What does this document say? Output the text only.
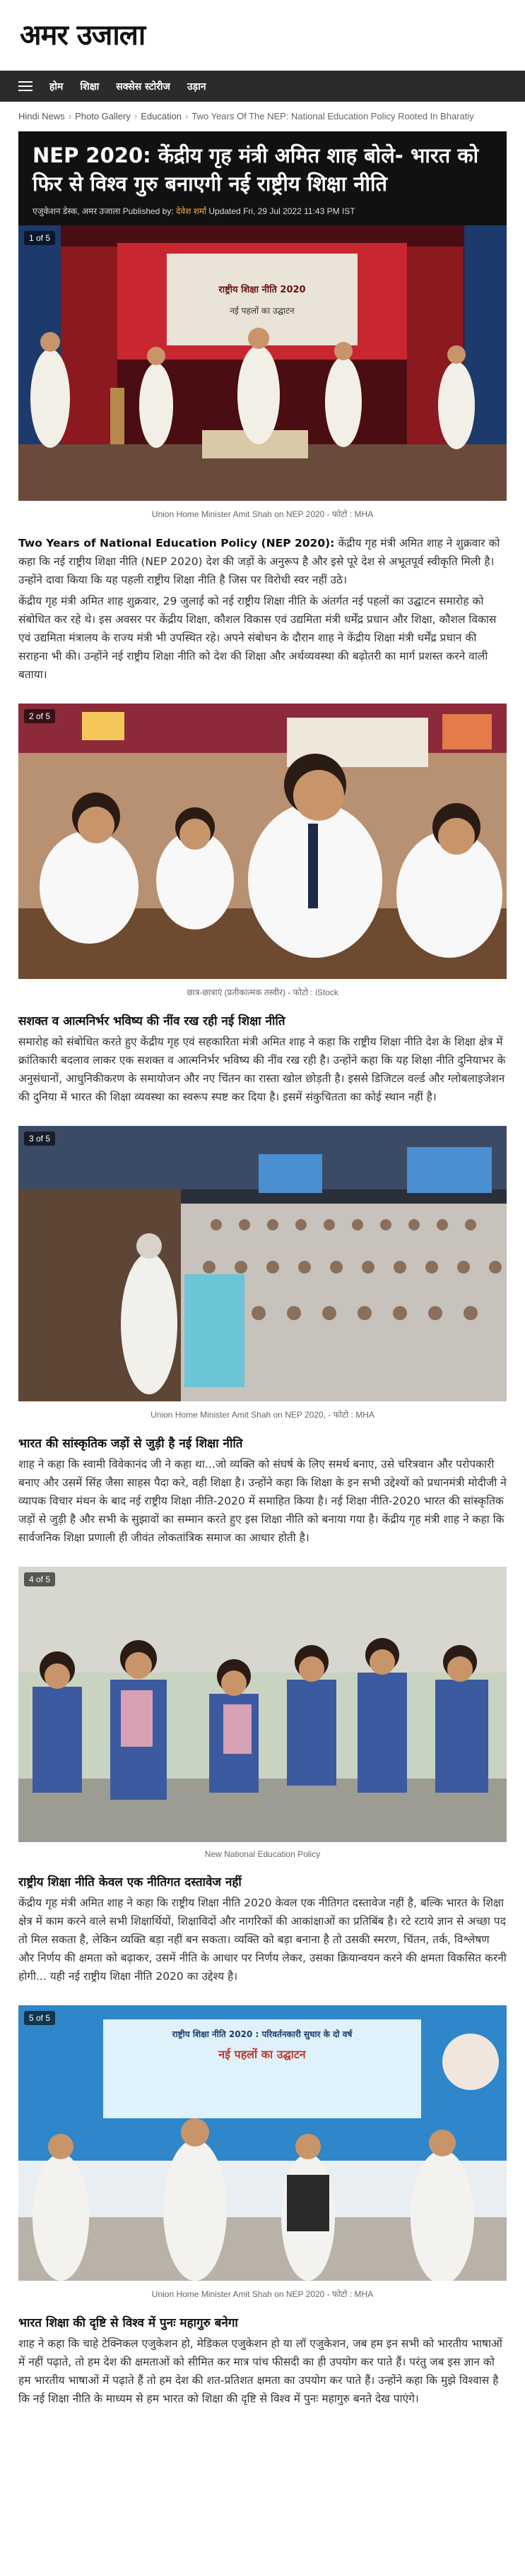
अमर उजाला
होम शिक्षा सक्सेस स्टोरीज उड़ान
Hindi News › Photo Gallery › Education › Two Years Of The NEP: National Education Policy Rooted In Bharatiy
NEP 2020: केंद्रीय गृह मंत्री अमित शाह बोले- भारत को फिर से विश्व गुरु बनाएगी नई राष्ट्रीय शिक्षा नीति
एजुकेशन डेस्क, अमर उजाला Published by: देवेश शर्मा Updated Fri, 29 Jul 2022 11:43 PM IST
राष्ट्रीय शिक्षा नीति 2020
नई पहलों का उद्घाटन
1 of 5
Union Home Minister Amit Shah on NEP 2020 - फोटो : MHA

Two Years of National Education Policy (NEP 2020): केंद्रीय गृह मंत्री अमित शाह ने शुक्रवार को कहा कि नई राष्ट्रीय शिक्षा नीति (NEP 2020) देश की जड़ों के अनुरूप है और इसे पूरे देश से अभूतपूर्व स्वीकृति मिली है। उन्होंने दावा किया कि यह पहली राष्ट्रीय शिक्षा नीति है जिस पर विरोधी स्वर नहीं उठे।

केंद्रीय गृह मंत्री अमित शाह शुक्रवार, 29 जुलाई को नई राष्ट्रीय शिक्षा नीति के अंतर्गत नई पहलों का उद्घाटन समारोह को संबोधित कर रहे थे। इस अवसर पर केंद्रीय शिक्षा, कौशल विकास एवं उद्यमिता मंत्री धर्मेंद्र प्रधान और शिक्षा, कौशल विकास एवं उद्यमिता मंत्रालय के राज्य मंत्री भी उपस्थित रहे। अपने संबोधन के दौरान शाह ने केंद्रीय शिक्षा मंत्री धर्मेंद्र प्रधान की सराहना भी की। उन्होंने नई राष्ट्रीय शिक्षा नीति को देश की शिक्षा और अर्थव्यवस्था की बढ़ोतरी का मार्ग प्रशस्त करने वाली बताया।

2 of 5
छात्र-छात्राएं (प्रतीकात्मक तस्वीर) - फोटो : iStock
सशक्त व आत्मनिर्भर भविष्य की नींव रख रही नई शिक्षा नीति

समारोह को संबोधित करते हुए केंद्रीय गृह एवं सहकारिता मंत्री अमित शाह ने कहा कि राष्ट्रीय शिक्षा नीति देश के शिक्षा क्षेत्र में क्रांतिकारी बदलाव लाकर एक सशक्त व आत्मनिर्भर भविष्य की नींव रख रही है। उन्होंने कहा कि यह शिक्षा नीति दुनियाभर के अनुसंधानों, आधुनिकीकरण के समायोजन और नए चिंतन का रास्ता खोल छोड़ती है। इससे डिजिटल वर्ल्ड और ग्लोबलाइजेशन की दुनिया में भारत की शिक्षा व्यवस्था का स्वरूप स्पष्ट कर दिया है। इसमें संकुचितता का कोई स्थान नहीं है।

3 of 5
Union Home Minister Amit Shah on NEP 2020, - फोटो : MHA
भारत की सांस्कृतिक जड़ों से जुड़ी है नई शिक्षा नीति

शाह ने कहा कि स्वामी विवेकानंद जी ने कहा था...जो व्यक्ति को संघर्ष के लिए समर्थ बनाए, उसे चरित्रवान और परोपकारी बनाए और उसमें सिंह जैसा साहस पैदा करे, वही शिक्षा है। उन्होंने कहा कि शिक्षा के इन सभी उद्देश्यों को प्रधानमंत्री मोदीजी ने व्यापक विचार मंथन के बाद नई राष्ट्रीय शिक्षा नीति-2020 में समाहित किया है। नई शिक्षा नीति-2020 भारत की सांस्कृतिक जड़ों से जुड़ी है और सभी के सुझावों का सम्मान करते हुए इस शिक्षा नीति को बनाया गया है। केंद्रीय गृह मंत्री शाह ने कहा कि सार्वजनिक शिक्षा प्रणाली ही जीवंत लोकतांत्रिक समाज का आधार होती है।

4 of 5
New National Education Policy
राष्ट्रीय शिक्षा नीति केवल एक नीतिगत दस्तावेज नहीं

केंद्रीय गृह मंत्री अमित शाह ने कहा कि राष्ट्रीय शिक्षा नीति 2020 केवल एक नीतिगत दस्तावेज नहीं है, बल्कि भारत के शिक्षा क्षेत्र में काम करने वाले सभी शिक्षार्थियों, शिक्षाविदों और नागरिकों की आकांक्षाओं का प्रतिबिंब है। रटे रटाये ज्ञान से अच्छा पद तो मिल सकता है, लेकिन व्यक्ति बड़ा नहीं बन सकता। व्यक्ति को बड़ा बनाना है तो उसकी स्मरण, चिंतन, तर्क, विश्लेषण और निर्णय की क्षमता को बढ़ाकर, उसमें नीति के आधार पर निर्णय लेकर, उसका क्रियान्वयन करने की क्षमता विकसित करनी होगी... यही नई राष्ट्रीय शिक्षा नीति 2020 का उद्देश्य है।

राष्ट्रीय शिक्षा नीति 2020 : परिवर्तनकारी सुधार के दो वर्ष
नई पहलों का उद्घाटन
5 of 5
Union Home Minister Amit Shah on NEP 2020 - फोटो : MHA
भारत शिक्षा की दृष्टि से विश्व में पुनः महागुरु बनेगा

शाह ने कहा कि चाहे टेक्निकल एजुकेशन हो, मेडिकल एजुकेशन हो या लॉ एजुकेशन, जब हम इन सभी को भारतीय भाषाओं में नहीं पढ़ाते, तो हम देश की क्षमताओं को सीमित कर मात्र पांच फीसदी का ही उपयोग कर पाते हैं। परंतु जब इस ज्ञान को हम भारतीय भाषाओं में पढ़ाते हैं तो हम देश की शत-प्रतिशत क्षमता का उपयोग कर पाते हैं। उन्होंने कहा कि मुझे विश्वास है कि नई शिक्षा नीति के माध्यम से हम भारत को शिक्षा की दृष्टि से विश्व में पुनः महागुरु बनते देख पाएंगे।
